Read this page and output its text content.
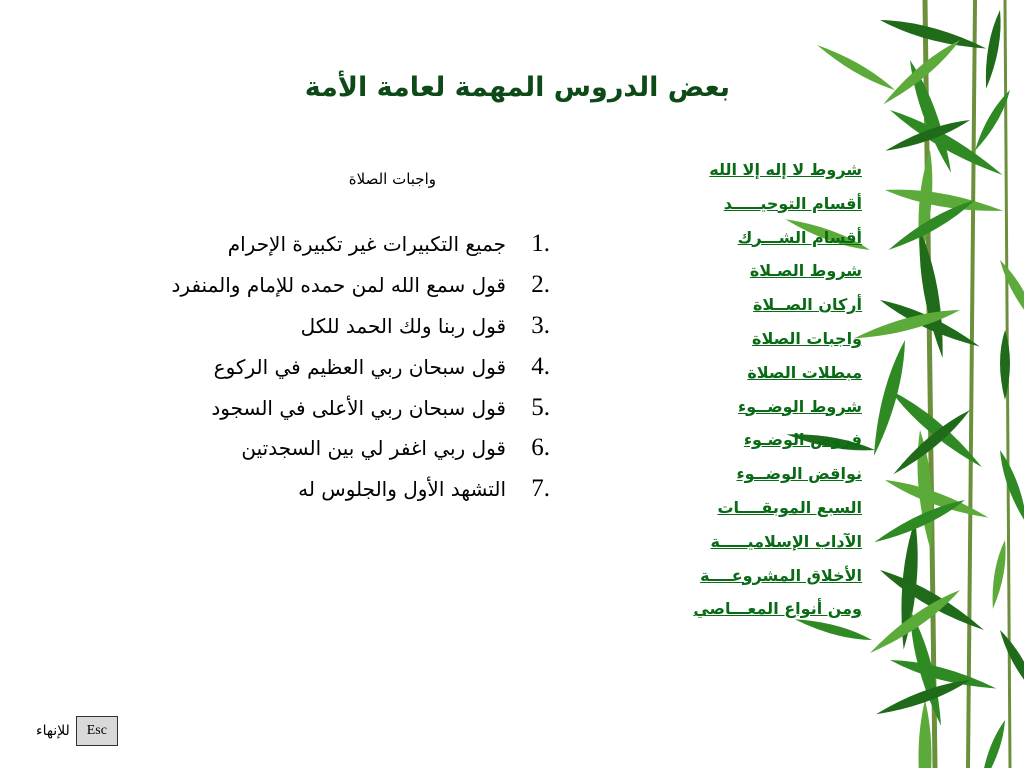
بعض الدروس المهمة لعامة الأمة
واجبات الصلاة
1.
جميع التكبيرات غير تكبيرة الإحرام
2.
قول سمع الله لمن حمده للإمام والمنفرد
3.
قول ربنا ولك الحمد للكل
4.
قول سبحان ربي العظيم في الركوع
5.
قول سبحان ربي الأعلى في السجود
6.
قول ربي اغفر لي بين السجدتين
7.
التشهد الأول والجلوس له
شروط لا إله إلا الله
أقسام التوحيـــــد
أقسام الشـــرك
شروط الصـلاة
أركان الصــلاة
واجبات الصلاة
مبطلات الصلاة
شروط الوضــوء
فروض الوضـوء
نواقض الوضــوء
السبع الموبقــــات
الآداب الإسلاميـــــة
الأخلاق المشروعــــة
ومن أنواع المعـــاصي
للإنهاء	Esc
